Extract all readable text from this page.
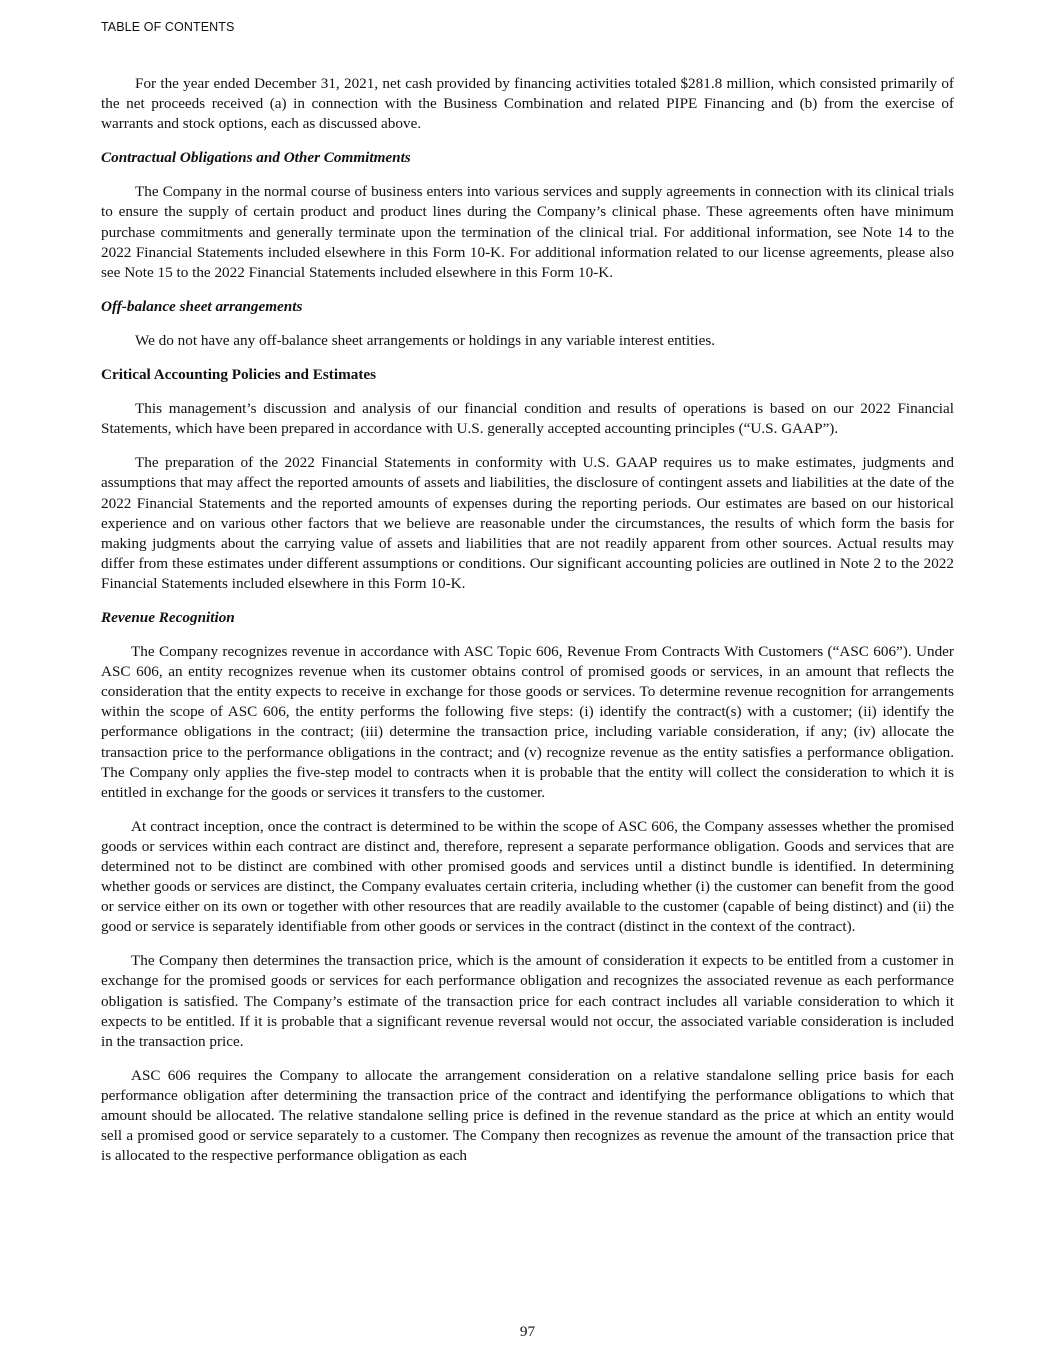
TABLE OF CONTENTS

For the year ended December 31, 2021, net cash provided by financing activities totaled $281.8 million, which consisted primarily of the net proceeds received (a) in connection with the Business Combination and related PIPE Financing and (b) from the exercise of warrants and stock options, each as discussed above.

Contractual Obligations and Other Commitments

The Company in the normal course of business enters into various services and supply agreements in connection with its clinical trials to ensure the supply of certain product and product lines during the Company’s clinical phase. These agreements often have minimum purchase commitments and generally terminate upon the termination of the clinical trial. For additional information, see Note 14 to the 2022 Financial Statements included elsewhere in this Form 10-K. For additional information related to our license agreements, please also see Note 15 to the 2022 Financial Statements included elsewhere in this Form 10-K.

Off-balance sheet arrangements

We do not have any off-balance sheet arrangements or holdings in any variable interest entities.

Critical Accounting Policies and Estimates

This management’s discussion and analysis of our financial condition and results of operations is based on our 2022 Financial Statements, which have been prepared in accordance with U.S. generally accepted accounting principles (“U.S. GAAP”).

The preparation of the 2022 Financial Statements in conformity with U.S. GAAP requires us to make estimates, judgments and assumptions that may affect the reported amounts of assets and liabilities, the disclosure of contingent assets and liabilities at the date of the 2022 Financial Statements and the reported amounts of expenses during the reporting periods. Our estimates are based on our historical experience and on various other factors that we believe are reasonable under the circumstances, the results of which form the basis for making judgments about the carrying value of assets and liabilities that are not readily apparent from other sources. Actual results may differ from these estimates under different assumptions or conditions. Our significant accounting policies are outlined in Note 2 to the 2022 Financial Statements included elsewhere in this Form 10-K.

Revenue Recognition

The Company recognizes revenue in accordance with ASC Topic 606, Revenue From Contracts With Customers (“ASC 606”). Under ASC 606, an entity recognizes revenue when its customer obtains control of promised goods or services, in an amount that reflects the consideration that the entity expects to receive in exchange for those goods or services. To determine revenue recognition for arrangements within the scope of ASC 606, the entity performs the following five steps: (i) identify the contract(s) with a customer; (ii) identify the performance obligations in the contract; (iii) determine the transaction price, including variable consideration, if any; (iv) allocate the transaction price to the performance obligations in the contract; and (v) recognize revenue as the entity satisfies a performance obligation. The Company only applies the five-step model to contracts when it is probable that the entity will collect the consideration to which it is entitled in exchange for the goods or services it transfers to the customer.

At contract inception, once the contract is determined to be within the scope of ASC 606, the Company assesses whether the promised goods or services within each contract are distinct and, therefore, represent a separate performance obligation. Goods and services that are determined not to be distinct are combined with other promised goods and services until a distinct bundle is identified. In determining whether goods or services are distinct, the Company evaluates certain criteria, including whether (i) the customer can benefit from the good or service either on its own or together with other resources that are readily available to the customer (capable of being distinct) and (ii) the good or service is separately identifiable from other goods or services in the contract (distinct in the context of the contract).

The Company then determines the transaction price, which is the amount of consideration it expects to be entitled from a customer in exchange for the promised goods or services for each performance obligation and recognizes the associated revenue as each performance obligation is satisfied. The Company’s estimate of the transaction price for each contract includes all variable consideration to which it expects to be entitled. If it is probable that a significant revenue reversal would not occur, the associated variable consideration is included in the transaction price.

ASC 606 requires the Company to allocate the arrangement consideration on a relative standalone selling price basis for each performance obligation after determining the transaction price of the contract and identifying the performance obligations to which that amount should be allocated. The relative standalone selling price is defined in the revenue standard as the price at which an entity would sell a promised good or service separately to a customer. The Company then recognizes as revenue the amount of the transaction price that is allocated to the respective performance obligation as each

97
